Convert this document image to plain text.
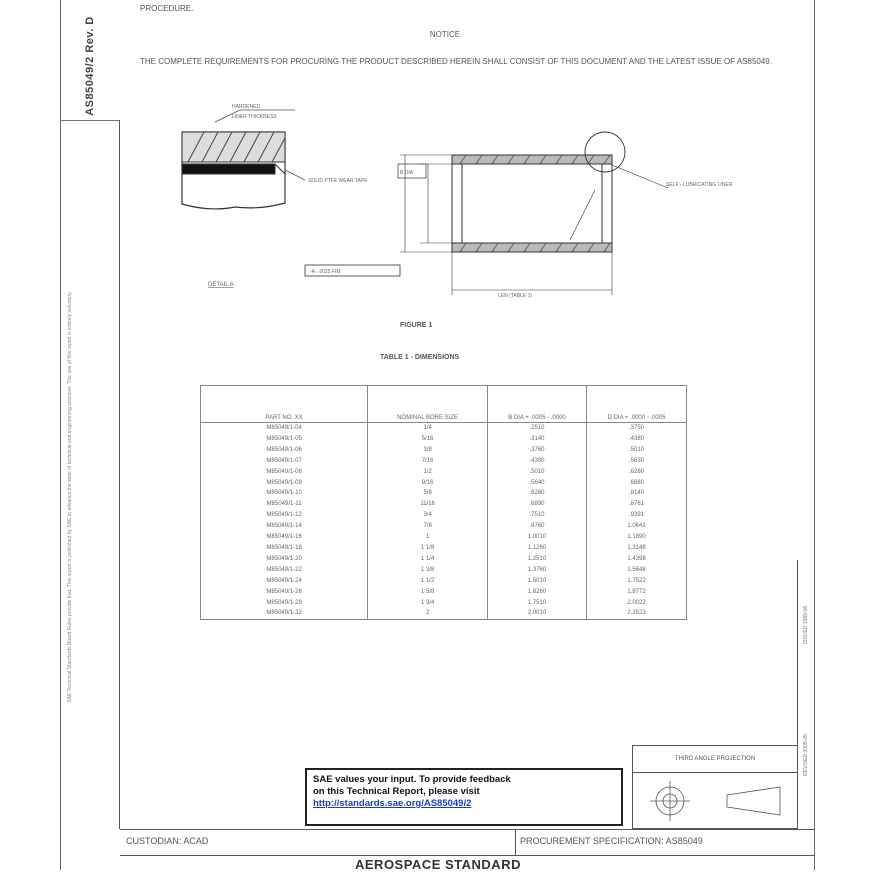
AS85049/2 Rev. D
SAE Technical Standards Board Rules provide that: This report is published by SAE to advance the state of technical and engineering sciences. The use of this report is entirely voluntary.
PROCEDURE.
NOTICE
THE COMPLETE REQUIREMENTS FOR PROCURING THE PRODUCT DESCRIBED HEREIN SHALL CONSIST OF THIS DOCUMENT AND THE LATEST ISSUE OF AS85049.
HARDENED
LINER THICKNESS
SOLID PTFE WEAR TAPE
LEN (TABLE 1)
B DIA
-A- .0025 FIM
SELF - LUBRICATING LINER
DETAIL A
FIGURE 1
TABLE 1 - DIMENSIONS
PART NO. XX	NOMINAL BORE SIZE	B DIA + .0005 - .0000	D DIA + .0000 - .0005
M85049/1-04	1/4	.2510	.3750
M85049/1-05	5/16	.3140	.4380
M85049/1-06	3/8	.3760	.5010
M85049/1-07	7/16	.4390	.5630
M85049/1-08	1/2	.5010	.6260
M85049/1-09	9/16	.5640	.6880
M85049/1-10	5/8	.6260	.8140
M85049/1-11	11/16	.6890	.8761
M85049/1-12	3/4	.7510	.9391
M85049/1-14	7/8	.8760	1.0641
M85049/1-16	1	1.0010	1.1890
M85049/1-18	1 1/8	1.1260	1.3148
M85049/1-20	1 1/4	1.2510	1.4398
M85049/1-22	1 3/8	1.3760	1.5648
M85049/1-24	1 1/2	1.5010	1.7522
M85049/1-26	1 5/8	1.6260	1.8772
M85049/1-28	1 3/4	1.7510	2.0022
M85049/1-32	2	2.0010	2.2523
SAE values your input. To provide feedback
on this Technical Report, please visit
http://standards.sae.org/AS85049/2
THIRD ANGLE PROJECTION
ISSUED 1989-06
REVISED 2008-05
CUSTODIAN: ACAD	PROCUREMENT SPECIFICATION: AS85049
AEROSPACE STANDARD
